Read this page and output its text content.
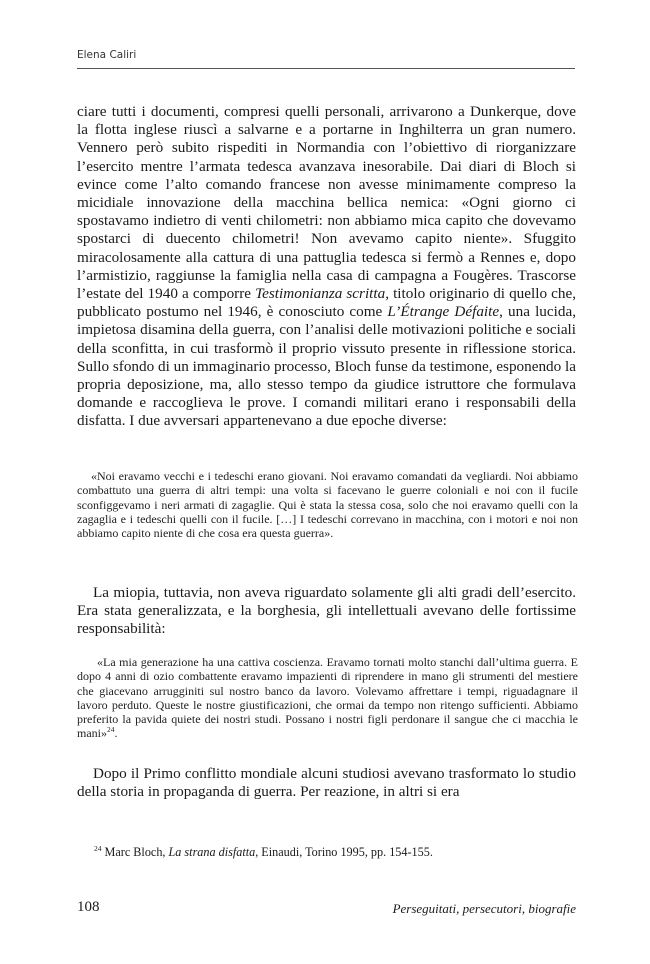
Elena Caliri

ciare tutti i documenti, compresi quelli personali, arrivarono a Dunkerque, dove la flotta inglese riuscì a salvarne e a portarne in Inghilterra un gran numero. Vennero però subito rispediti in Normandia con l’obiettivo di riorganizzare l’esercito mentre l’armata tedesca avanzava inesorabile. Dai diari di Bloch si evince come l’alto comando francese non avesse minimamente compreso la micidiale innovazione della macchina bellica nemica: «Ogni giorno ci spostavamo indietro di venti chilometri: non abbiamo mica capito che dovevamo spostarci di duecento chilometri! Non avevamo capito niente». Sfuggito miracolosamente alla cattura di una pattuglia tedesca si fermò a Rennes e, dopo l’armistizio, raggiunse la famiglia nella casa di campagna a Fougères. Trascorse l’estate del 1940 a comporre Testimonianza scritta, titolo originario di quello che, pubblicato postumo nel 1946, è conosciuto come L’Étrange Défaite, una lucida, impietosa disamina della guerra, con l’analisi delle motivazioni politiche e sociali della sconfitta, in cui trasformò il proprio vissuto presente in riflessione storica. Sullo sfondo di un immaginario processo, Bloch funse da testimone, esponendo la propria deposizione, ma, allo stesso tempo da giudice istruttore che formulava domande e raccoglieva le prove. I comandi militari erano i responsabili della disfatta. I due avversari appartenevano a due epoche diverse:

«Noi eravamo vecchi e i tedeschi erano giovani. Noi eravamo comandati da vegliardi. Noi abbiamo combattuto una guerra di altri tempi: una volta si facevano le guerre coloniali e noi con il fucile sconfiggevamo i neri armati di zagaglie. Qui è stata la stessa cosa, solo che noi eravamo quelli con la zagaglia e i tedeschi quelli con il fucile. […] I tedeschi correvano in macchina, con i motori e noi non abbiamo capito niente di che cosa era questa guerra».

La miopia, tuttavia, non aveva riguardato solamente gli alti gradi dell’esercito. Era stata generalizzata, e la borghesia, gli intellettuali avevano delle fortissime responsabilità:

«La mia generazione ha una cattiva coscienza. Eravamo tornati molto stanchi dall’ultima guerra. E dopo 4 anni di ozio combattente eravamo impazienti di riprendere in mano gli strumenti del mestiere che giacevano arrugginiti sul nostro banco da lavoro. Volevamo affrettare i tempi, riguadagnare il lavoro perduto. Queste le nostre giustificazioni, che ormai da tempo non ritengo sufficienti. Abbiamo preferito la pavida quiete dei nostri studi. Possano i nostri figli perdonare il sangue che ci macchia le mani»$^{24}$.

Dopo il Primo conflitto mondiale alcuni studiosi avevano trasformato lo studio della storia in propaganda di guerra. Per reazione, in altri si era

$^{24}$ Marc Bloch, La strana disfatta, Einaudi, Torino 1995, pp. 154-155.
108	Perseguitati, persecutori, biografie
